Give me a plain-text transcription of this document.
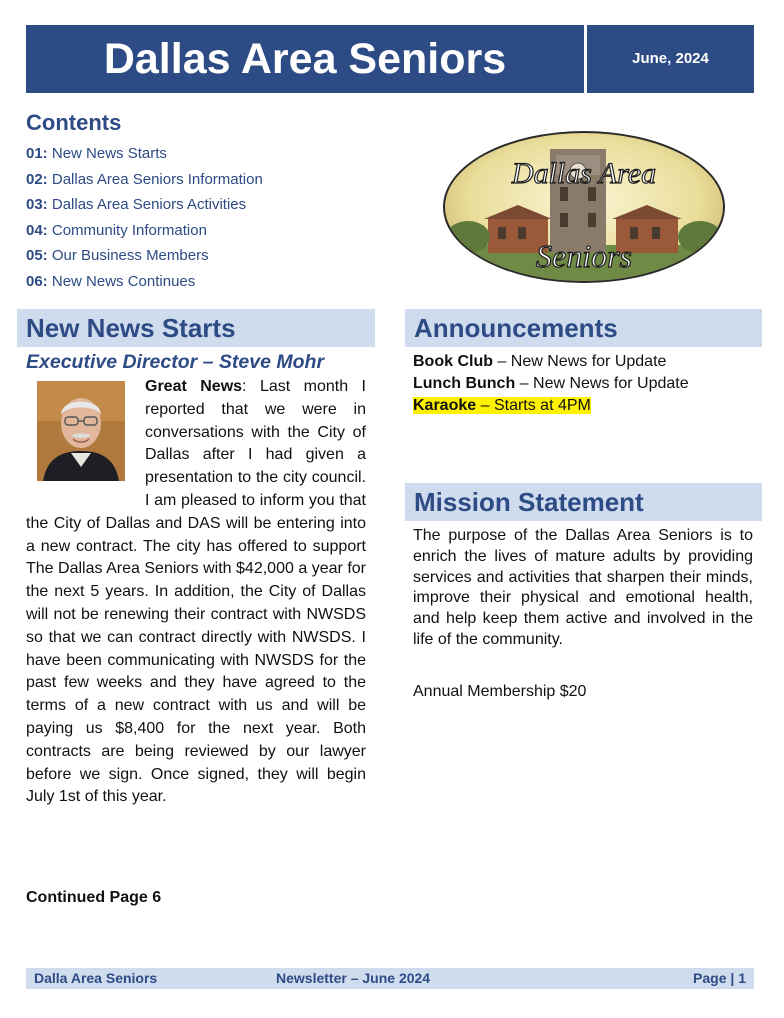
Dallas Area Seniors	June, 2024
Contents
01: New News Starts
02: Dallas Area Seniors Information
03: Dallas Area Seniors Activities
04: Community Information
05: Our Business Members
06: New News Continues
Dallas Area
Seniors
New News Starts	Announcements
Mission Statement
Executive Director – Steve Mohr
Great News: Last month I reported that we were in conversations with the City of Dallas after I had given a presentation to the city council. I am pleased to inform you that the City of Dallas and DAS will be entering into a new contract. The city has offered to support The Dallas Area Seniors with $42,000 a year for the next 5 years. In addition, the City of Dallas will not be renewing their contract with NWSDS so that we can contract directly with NWSDS. I have been communicating with NWSDS for the past few weeks and they have agreed to the terms of a new contract with us and will be paying us $8,400 for the next year. Both contracts are being reviewed by our lawyer before we sign. Once signed, they will begin July 1st of this year.
Continued Page 6
Book Club – New News for Update
Lunch Bunch – New News for Update
Karaoke – Starts at 4PM
The purpose of the Dallas Area Seniors is to enrich the lives of mature adults by providing services and activities that sharpen their minds, improve their physical and emotional health, and help keep them active and involved in the life of the community.
Annual Membership $20
Dalla Area Seniors	Newsletter – June 2024	Page | 1
